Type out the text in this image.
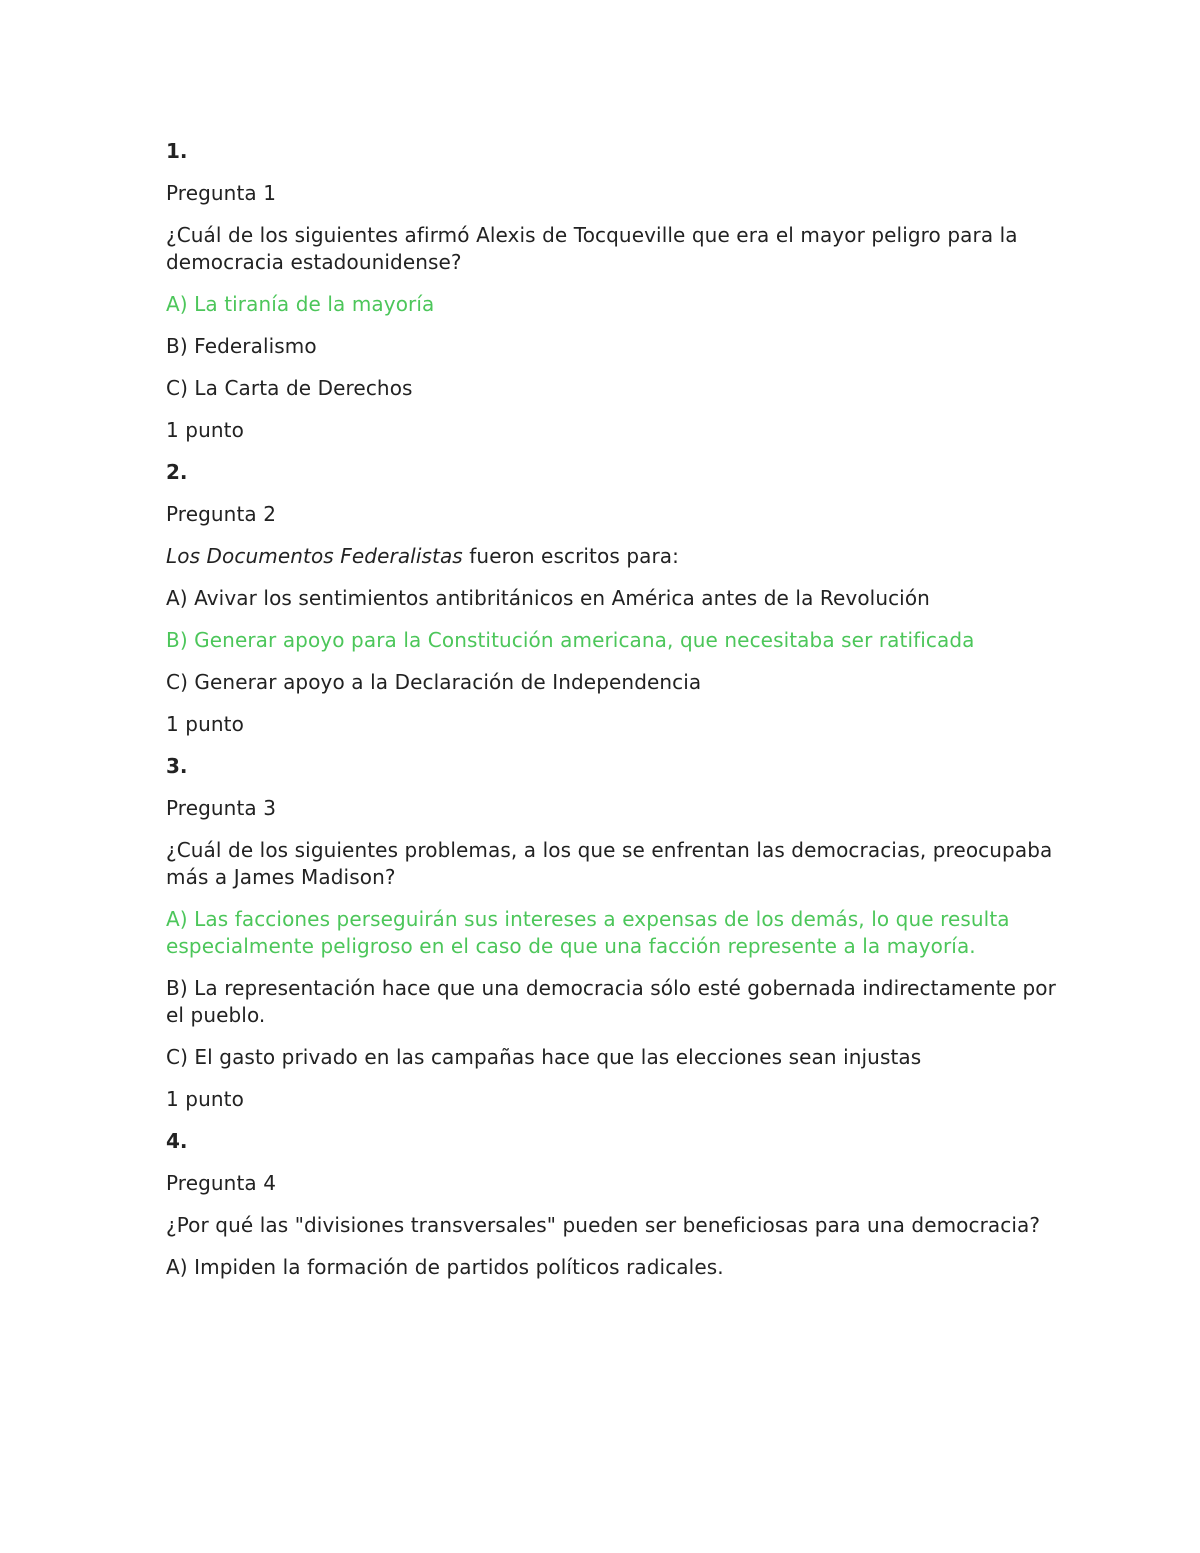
1.
Pregunta 1
¿Cuál de los siguientes afirmó Alexis de Tocqueville que era el mayor peligro para la democracia estadounidense?
A) La tiranía de la mayoría
B) Federalismo
C) La Carta de Derechos
1 punto
2.
Pregunta 2
Los Documentos Federalistas fueron escritos para:
A) Avivar los sentimientos antibritánicos en América antes de la Revolución
B) Generar apoyo para la Constitución americana, que necesitaba ser ratificada
C) Generar apoyo a la Declaración de Independencia
1 punto
3.
Pregunta 3
¿Cuál de los siguientes problemas, a los que se enfrentan las democracias, preocupaba más a James Madison?
A) Las facciones perseguirán sus intereses a expensas de los demás, lo que resulta especialmente peligroso en el caso de que una facción represente a la mayoría.
B) La representación hace que una democracia sólo esté gobernada indirectamente por el pueblo.
C) El gasto privado en las campañas hace que las elecciones sean injustas
1 punto
4.
Pregunta 4
¿Por qué las "divisiones transversales" pueden ser beneficiosas para una democracia?
A) Impiden la formación de partidos políticos radicales.
